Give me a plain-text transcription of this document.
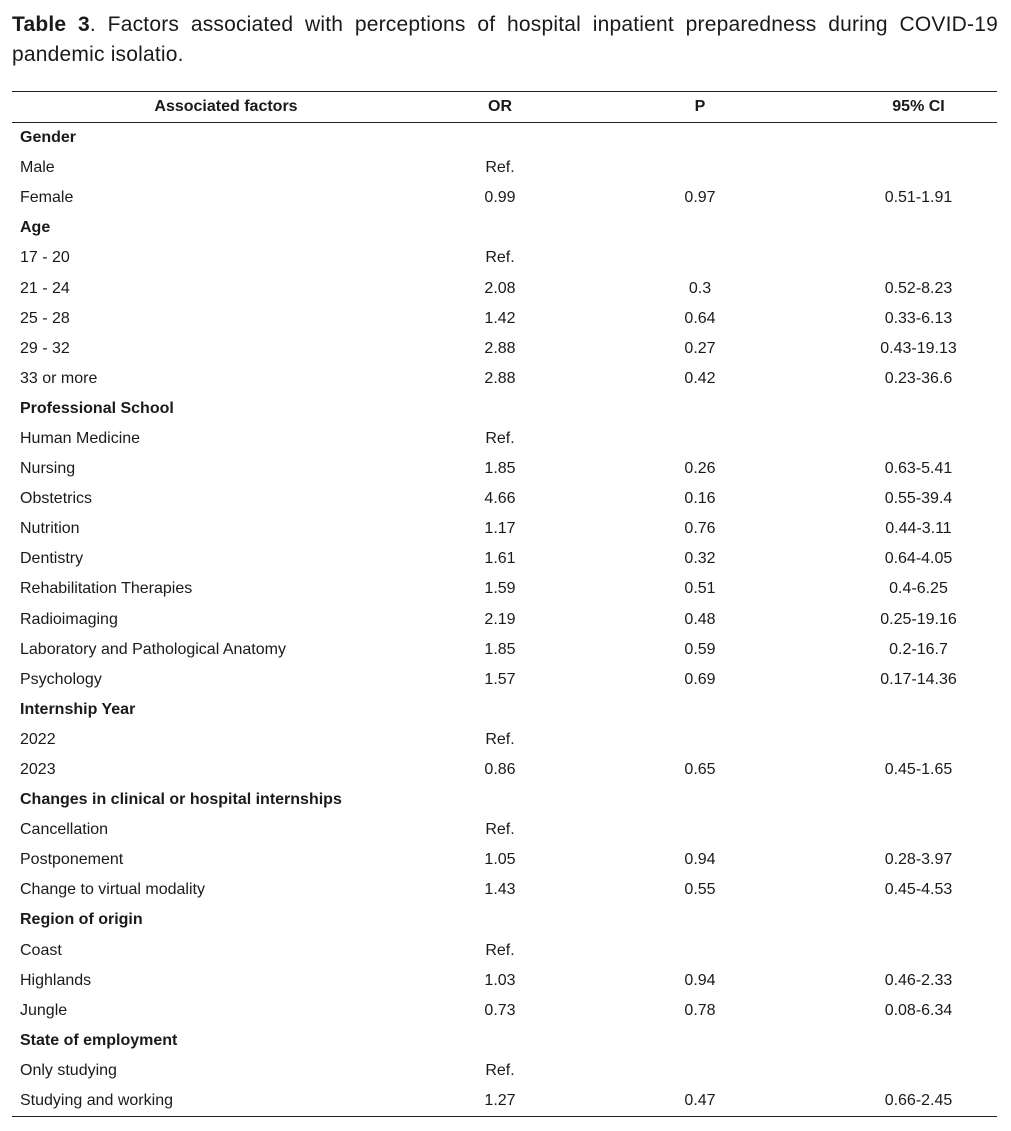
Table 3. Factors associated with perceptions of hospital inpatient preparedness during COVID-19 pandemic isolatio.
Associated factors	OR	P	95% CI
Gender			
Male	Ref.		
Female	0.99	0.97	0.51-1.91
Age			
17 - 20	Ref.		
21 - 24	2.08	0.3	0.52-8.23
25 - 28	1.42	0.64	0.33-6.13
29 - 32	2.88	0.27	0.43-19.13
33 or more	2.88	0.42	0.23-36.6
Professional School			
Human Medicine	Ref.		
Nursing	1.85	0.26	0.63-5.41
Obstetrics	4.66	0.16	0.55-39.4
Nutrition	1.17	0.76	0.44-3.11
Dentistry	1.61	0.32	0.64-4.05
Rehabilitation Therapies	1.59	0.51	0.4-6.25
Radioimaging	2.19	0.48	0.25-19.16
Laboratory and Pathological Anatomy	1.85	0.59	0.2-16.7
Psychology	1.57	0.69	0.17-14.36
Internship Year			
2022	Ref.		
2023	0.86	0.65	0.45-1.65
Changes in clinical or hospital internships			
Cancellation	Ref.		
Postponement	1.05	0.94	0.28-3.97
Change to virtual modality	1.43	0.55	0.45-4.53
Region of origin			
Coast	Ref.		
Highlands	1.03	0.94	0.46-2.33
Jungle	0.73	0.78	0.08-6.34
State of employment			
Only studying	Ref.		
Studying and working	1.27	0.47	0.66-2.45
